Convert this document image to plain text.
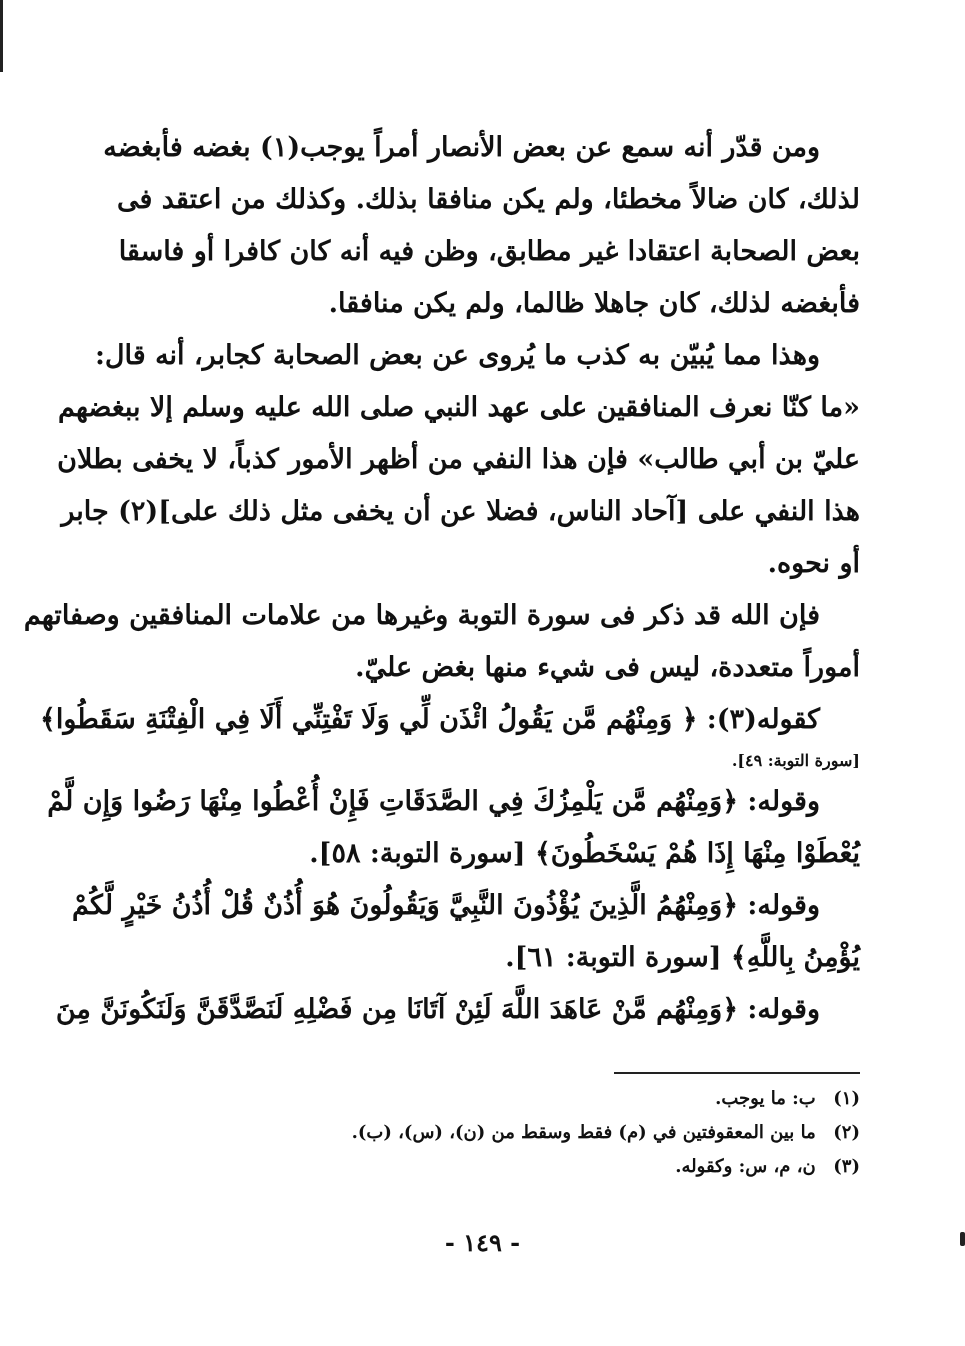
ومن قدّر أنه سمع عن بعض الأنصار أمراً يوجب(١) بغضه فأبغضه
لذلك، كان ضالاً مخطئا، ولم يكن منافقا بذلك. وكذلك من اعتقد فى
بعض الصحابة اعتقادا غير مطابق، وظن فيه أنه كان كافرا أو فاسقا
فأبغضه لذلك، كان جاهلا ظالما، ولم يكن منافقا.
وهذا مما يُبيّن به كذب ما يُروى عن بعض الصحابة كجابر، أنه قال:
«ما كنّا نعرف المنافقين على عهد النبي صلى الله عليه وسلم إلا ببغضهم
عليّ بن أبي طالب» فإن هذا النفي من أظهر الأمور كذباً، لا يخفى بطلان
هذا النفي على [آحاد الناس، فضلا عن أن يخفى مثل ذلك على](٢) جابر
أو نحوه.
فإن الله قد ذكر فى سورة التوبة وغيرها من علامات المنافقين وصفاتهم
أموراً متعددة، ليس فى شيء منها بغض عليّ.
كقوله(٣): ﴿ وَمِنْهُم مَّن يَقُولُ ائْذَن لِّي وَلَا تَفْتِنِّي أَلَا فِي الْفِتْنَةِ سَقَطُوا﴾
[سورة التوبة: ٤٩].
وقوله: ﴿وَمِنْهُم مَّن يَلْمِزُكَ فِي الصَّدَقَاتِ فَإِنْ أُعْطُوا مِنْهَا رَضُوا وَإِن لَّمْ
يُعْطَوْا مِنْهَا إِذَا هُمْ يَسْخَطُونَ﴾ [سورة التوبة: ٥٨].
وقوله: ﴿وَمِنْهُمُ الَّذِينَ يُؤْذُونَ النَّبِيَّ وَيَقُولُونَ هُوَ أُذُنٌ قُلْ أُذُنُ خَيْرٍ لَّكُمْ
يُؤْمِنُ بِاللَّهِ﴾ [سورة التوبة: ٦١].
وقوله: ﴿وَمِنْهُم مَّنْ عَاهَدَ اللَّهَ لَئِنْ آتَانَا مِن فَضْلِهِ لَنَصَّدَّقَنَّ وَلَنَكُونَنَّ مِنَ
(١) ب: ما يوجب.
(٢) ما بين المعقوفتين في (م) فقط وسقط من (ن)، (س)، (ب).
(٣) ن، م، س: وكقوله.
- ١٤٩ -
